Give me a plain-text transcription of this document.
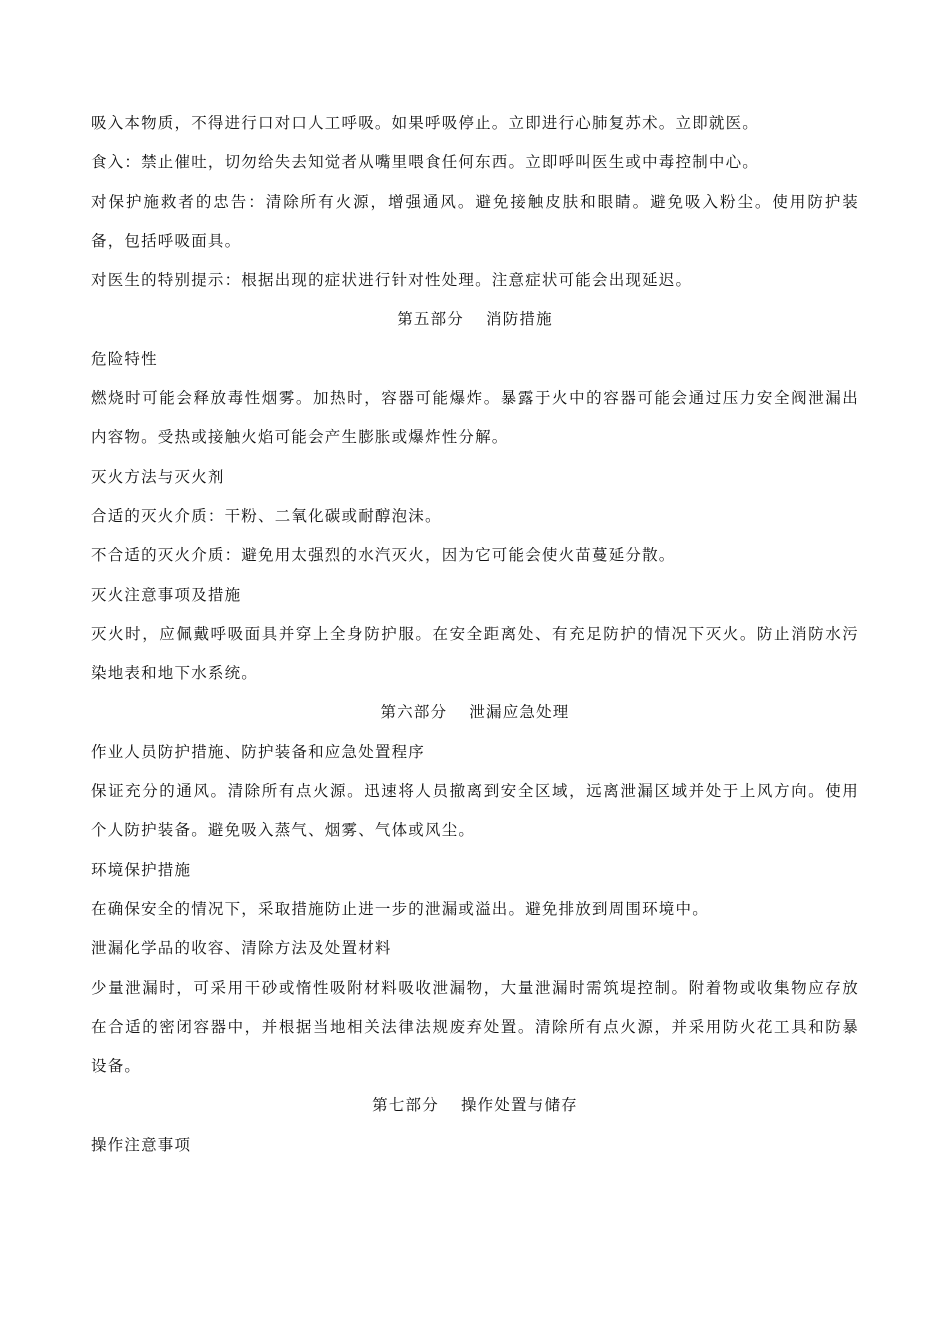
吸入本物质，不得进行口对口人工呼吸。如果呼吸停止。立即进行心肺复苏术。立即就医。

食入：禁止催吐，切勿给失去知觉者从嘴里喂食任何东西。立即呼叫医生或中毒控制中心。

对保护施救者的忠告：清除所有火源，增强通风。避免接触皮肤和眼睛。避免吸入粉尘。使用防护装备，包括呼吸面具。

对医生的特别提示：根据出现的症状进行针对性处理。注意症状可能会出现延迟。

第五部分 消防措施

危险特性

燃烧时可能会释放毒性烟雾。加热时，容器可能爆炸。暴露于火中的容器可能会通过压力安全阀泄漏出内容物。受热或接触火焰可能会产生膨胀或爆炸性分解。

灭火方法与灭火剂

合适的灭火介质：干粉、二氧化碳或耐醇泡沫。

不合适的灭火介质：避免用太强烈的水汽灭火，因为它可能会使火苗蔓延分散。

灭火注意事项及措施

灭火时，应佩戴呼吸面具并穿上全身防护服。在安全距离处、有充足防护的情况下灭火。防止消防水污染地表和地下水系统。

第六部分 泄漏应急处理

作业人员防护措施、防护装备和应急处置程序

保证充分的通风。清除所有点火源。迅速将人员撤离到安全区域，远离泄漏区域并处于上风方向。使用个人防护装备。避免吸入蒸气、烟雾、气体或风尘。

环境保护措施

在确保安全的情况下，采取措施防止进一步的泄漏或溢出。避免排放到周围环境中。

泄漏化学品的收容、清除方法及处置材料

少量泄漏时，可采用干砂或惰性吸附材料吸收泄漏物，大量泄漏时需筑堤控制。附着物或收集物应存放在合适的密闭容器中，并根据当地相关法律法规废弃处置。清除所有点火源，并采用防火花工具和防暴设备。

第七部分 操作处置与储存

操作注意事项
